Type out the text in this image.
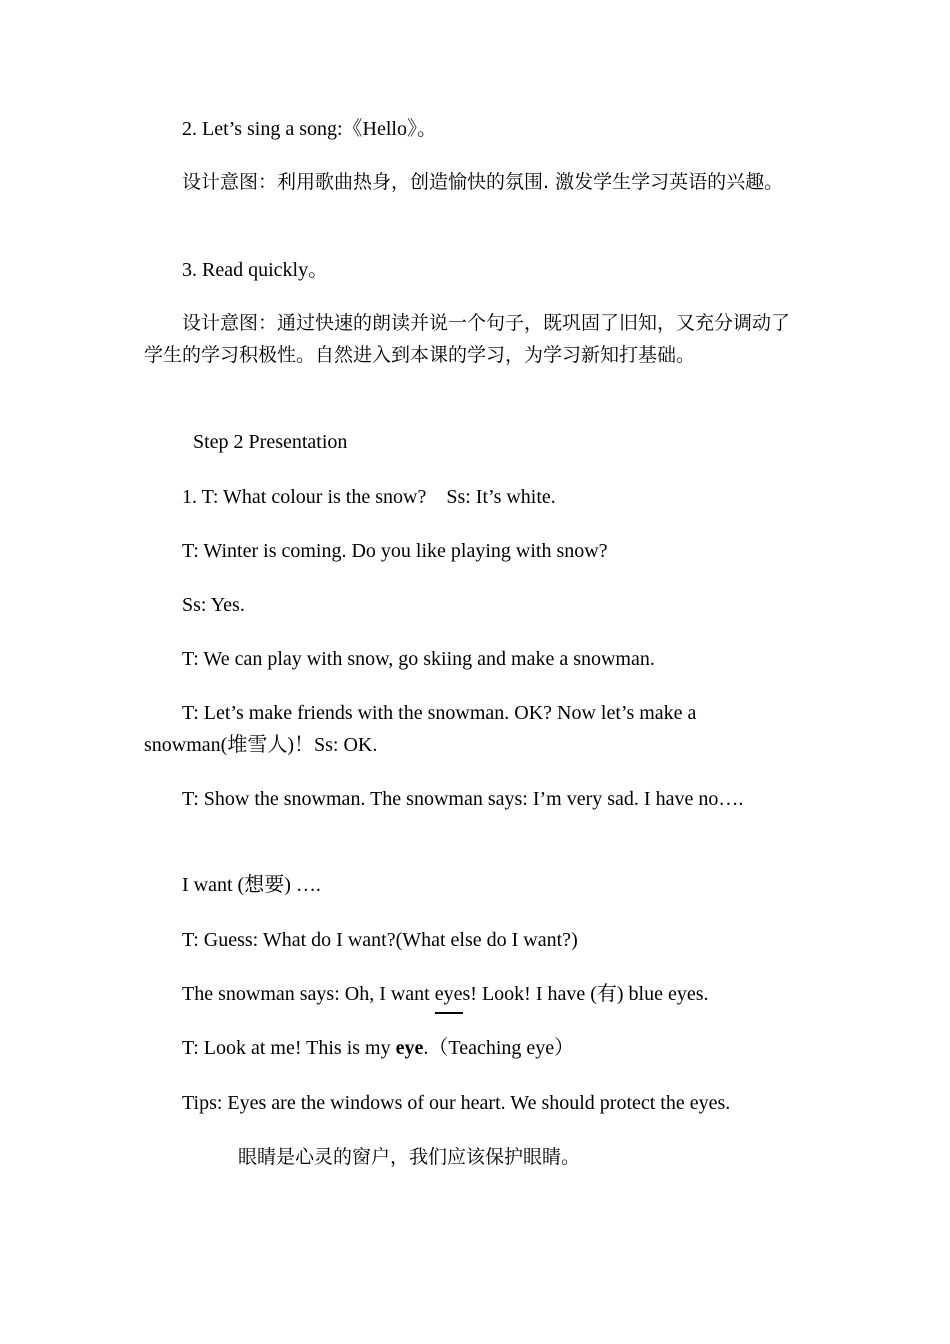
2. Let’s sing a song:《Hello》。
设计意图：利用歌曲热身，创造愉快的氛围. 激发学生学习英语的兴趣。
3. Read quickly。
设计意图：通过快速的朗读并说一个句子，既巩固了旧知，又充分调动了学生的学习积极性。自然进入到本课的学习，为学习新知打基础。
Step 2 Presentation
1. T: What colour is the snow?    Ss: It’s white.
T: Winter is coming. Do you like playing with snow?
Ss: Yes.
T: We can play with snow, go skiing and make a snowman.
T: Let’s make friends with the snowman. OK? Now let’s make a snowman(堆雪人)！Ss: OK.
T: Show the snowman. The snowman says: I’m very sad. I have no….
I want (想要) ….
T: Guess: What do I want?(What else do I want?)
The snowman says: Oh, I want eyes! Look! I have (有) blue eyes.
T: Look at me! This is my eye.（Teaching eye）
Tips: Eyes are the windows of our heart. We should protect the eyes.
眼睛是心灵的窗户，我们应该保护眼睛。
